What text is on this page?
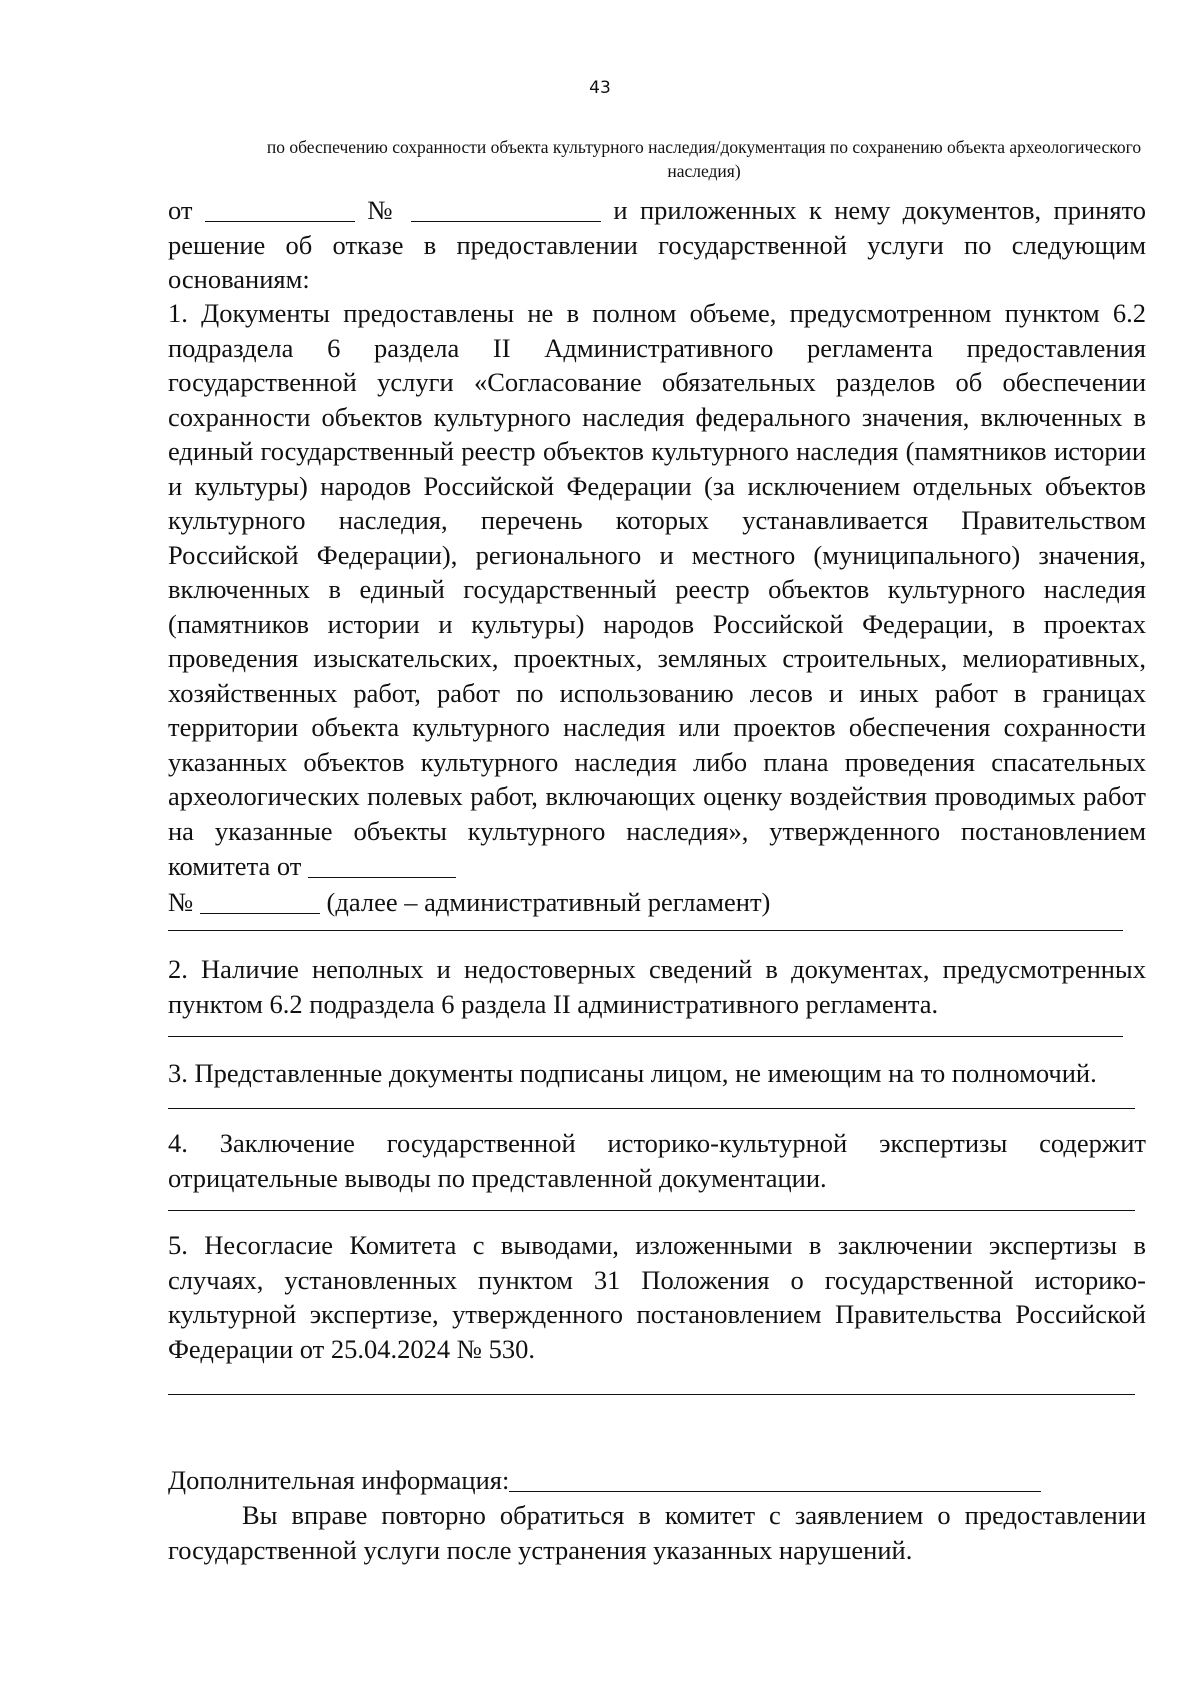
43
по обеспечению сохранности объекта культурного наследия/документация по сохранению объекта археологического наследия)

от	№	и приложенных к нему документов, принято решение об отказе в предоставлении государственной услуги по следующим основаниям:

1. Документы предоставлены не в полном объеме, предусмотренном пунктом 6.2 подраздела 6 раздела II Административного регламента предоставления государственной услуги «Согласование обязательных разделов об обеспечении сохранности объектов культурного наследия федерального значения, включенных в единый государственный реестр объектов культурного наследия (памятников истории и культуры) народов Российской Федерации (за исключением отдельных объектов культурного наследия, перечень которых устанавливается Правительством Российской Федерации), регионального и местного (муниципального) значения, включенных в единый государственный реестр объектов культурного наследия (памятников истории и культуры) народов Российской Федерации, в проектах проведения изыскательских, проектных, земляных строительных, мелиоративных, хозяйственных работ, работ по использованию лесов и иных работ в границах территории объекта культурного наследия или проектов обеспечения сохранности указанных объектов культурного наследия либо плана проведения спасательных археологических полевых работ, включающих оценку воздействия проводимых работ на указанные объекты культурного наследия», утвержденного постановлением комитета от
№	(далее – административный регламент)

2. Наличие неполных и недостоверных сведений в документах, предусмотренных пунктом 6.2 подраздела 6 раздела II административного регламента.

3. Представленные документы подписаны лицом, не имеющим на то полномочий.

4. Заключение государственной историко-культурной экспертизы содержит отрицательные выводы по представленной документации.

5. Несогласие Комитета с выводами, изложенными в заключении экспертизы в случаях, установленных пунктом 31 Положения о государственной историко-культурной экспертизе, утвержденного постановлением Правительства Российской Федерации от 25.04.2024 № 530.

Дополнительная информация:

Вы вправе повторно обратиться в комитет с заявлением о предоставлении государственной услуги после устранения указанных нарушений.
